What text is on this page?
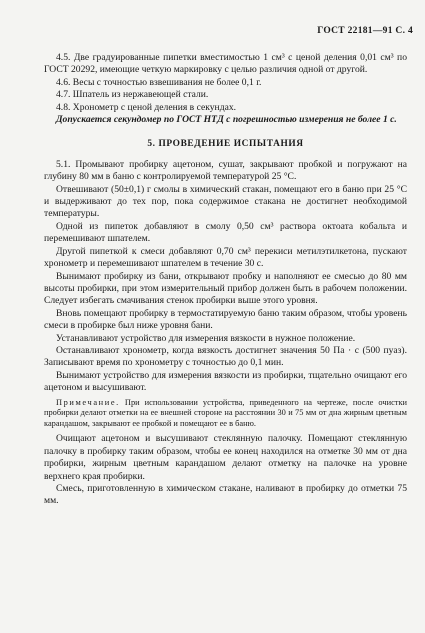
ГОСТ 22181—91 С. 4

4.5. Две градуированные пипетки вместимостью 1 см³ с ценой деления 0,01 см³ по ГОСТ 20292, имеющие четкую маркировку с целью различия одной от другой.

4.6. Весы с точностью взвешивания не более 0,1 г.

4.7. Шпатель из нержавеющей стали.

4.8. Хронометр с ценой деления в секундах.

Допускается секундомер по ГОСТ НТД с погрешностью измерения не более 1 с.

5. ПРОВЕДЕНИЕ ИСПЫТАНИЯ

5.1. Промывают пробирку ацетоном, сушат, закрывают пробкой и погружают на глубину 80 мм в баню с контролируемой температурой 25 °С.

Отвешивают (50±0,1) г смолы в химический стакан, помещают его в баню при 25 °С и выдерживают до тех пор, пока содержимое стакана не достигнет необходимой температуры.

Одной из пипеток добавляют в смолу 0,50 см³ раствора октоата кобальта и перемешивают шпателем.

Другой пипеткой к смеси добавляют 0,70 см³ перекиси метилэтилкетона, пускают хронометр и перемешивают шпателем в течение 30 с.

Вынимают пробирку из бани, открывают пробку и наполняют ее смесью до 80 мм высоты пробирки, при этом измерительный прибор должен быть в рабочем положении. Следует избегать смачивания стенок пробирки выше этого уровня.

Вновь помещают пробирку в термостатируемую баню таким образом, чтобы уровень смеси в пробирке был ниже уровня бани.

Устанавливают устройство для измерения вязкости в нужное положение.

Останавливают хронометр, когда вязкость достигнет значения 50 Па · с (500 пуаз). Записывают время по хронометру с точностью до 0,1 мин.

Вынимают устройство для измерения вязкости из пробирки, тщательно очищают его ацетоном и высушивают.

Примечание. При использовании устройства, приведенного на чертеже, после очистки пробирки делают отметки на ее внешней стороне на расстоянии 30 и 75 мм от дна жирным цветным карандашом, закрывают ее пробкой и помещают ее в баню.

Очищают ацетоном и высушивают стеклянную палочку. Помещают стеклянную палочку в пробирку таким образом, чтобы ее конец находился на отметке 30 мм от дна пробирки, жирным цветным карандашом делают отметку на палочке на уровне верхнего края пробирки.

Смесь, приготовленную в химическом стакане, наливают в пробирку до отметки 75 мм.
